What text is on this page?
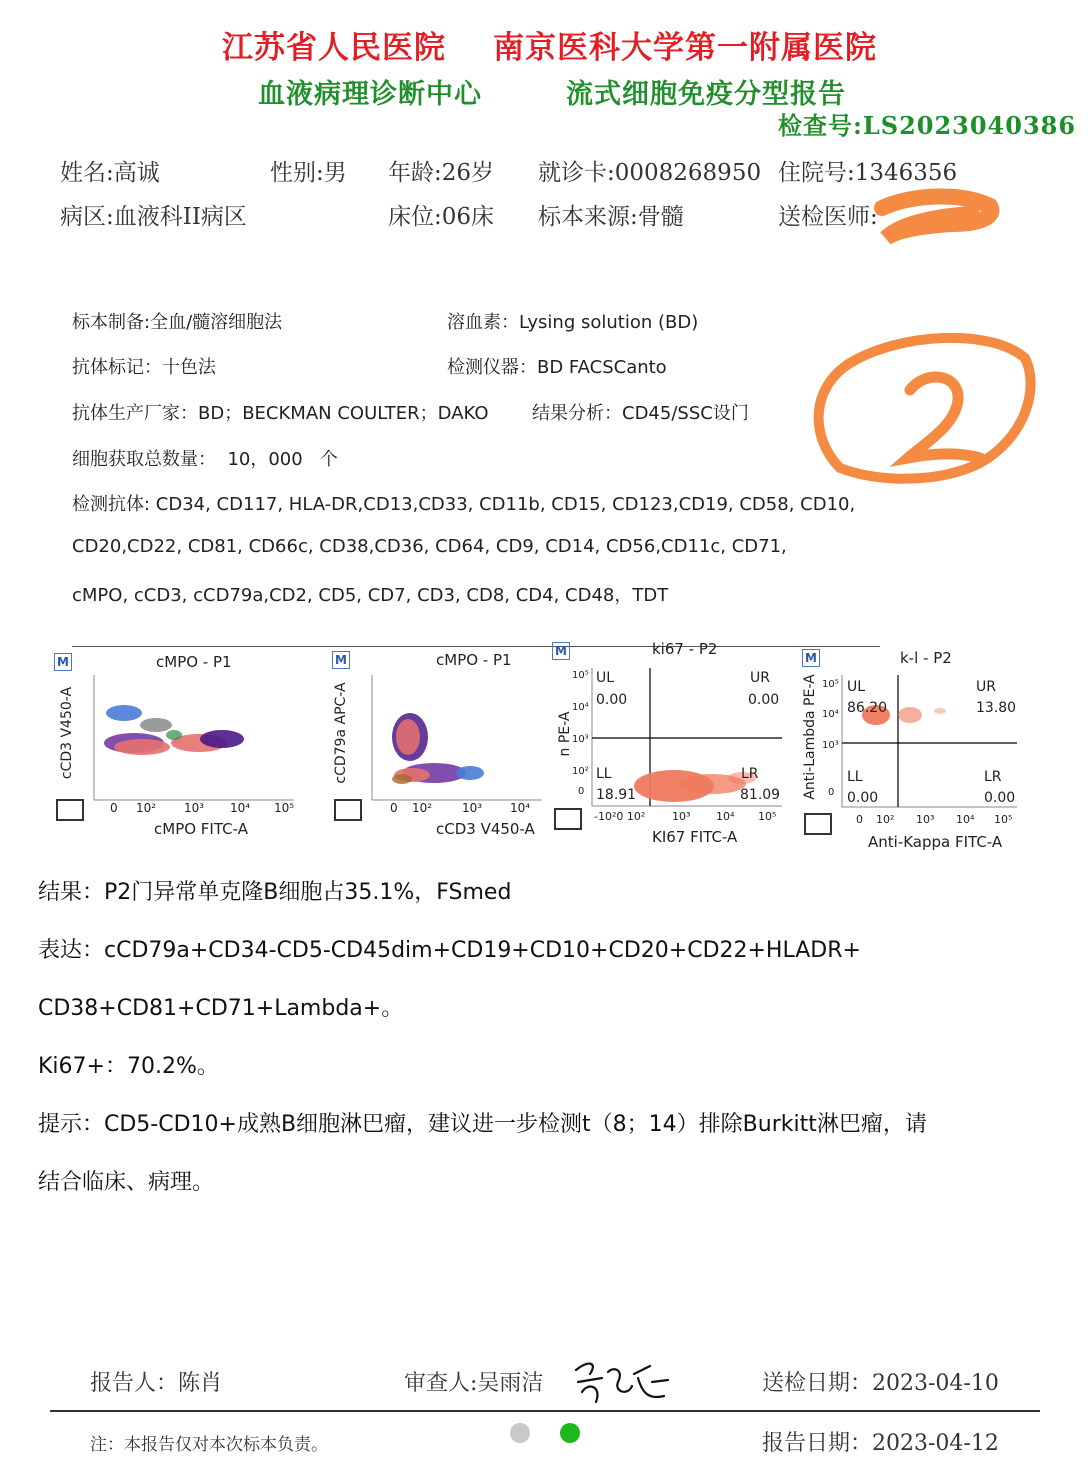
江苏省人民医院 南京医科大学第一附属医院
血液病理诊断中心	流式细胞免疫分型报告
检查号:LS2023040386
姓名:高诚	性别:男 年龄:26岁 就诊卡:0008268950 住院号:1346356
病区:血液科II病区	床位:06床 标本来源:骨髓	送检医师:
标本制备:全血/髓溶细胞法	溶血素：Lysing solution (BD)
抗体标记：十色法	检测仪器：BD FACSCanto
抗体生产厂家：BD；BECKMAN COULTER；DAKO 结果分析：CD45/SSC设门
细胞获取总数量：  10，000   个
检测抗体: CD34, CD117, HLA-DR,CD13,CD33, CD11b, CD15, CD123,CD19, CD58, CD10,
CD20,CD22, CD81, CD66c, CD38,CD36, CD64, CD9, CD14, CD56,CD11c, CD71,
cMPO, cCD3, cCD79a,CD2, CD5, CD7, CD3, CD8, CD4, CD48，TDT
M	cMPO - P1
cCD3 V450-A
0 10² 10³ 10⁴ 10⁵
cMPO FITC-A
M	cMPO - P1
cCD79a APC-A
0 10² 10³ 10⁴
cCD3 V450-A
M	ki67 - P2
n PE-A
UL
0.00
UR
0.00
LL
18.91
LR
81.09
10⁵
10⁴
10³
10²
0
-10²0 10² 10³ 10⁴ 10⁵
KI67 FITC-A
M	k-l - P2
Anti-Lambda PE-A UL
86.20
UR
13.80
LL
0.00
LR
0.00
10⁵
10⁴
10³
0
0 10² 10³ 10⁴ 10⁵
Anti-Kappa FITC-A
结果：P2门异常单克隆B细胞占35.1%，FSmed
表达：cCD79a+CD34-CD5-CD45dim+CD19+CD10+CD20+CD22+HLADR+
CD38+CD81+CD71+Lambda+。
Ki67+：70.2%。
提示：CD5-CD10+成熟B细胞淋巴瘤，建议进一步检测t（8；14）排除Burkitt淋巴瘤，请
结合临床、病理。
报告人：陈肖	审查人:吴雨洁	送检日期：2023-04-10
注：本报告仅对本次标本负责。	报告日期：2023-04-12
